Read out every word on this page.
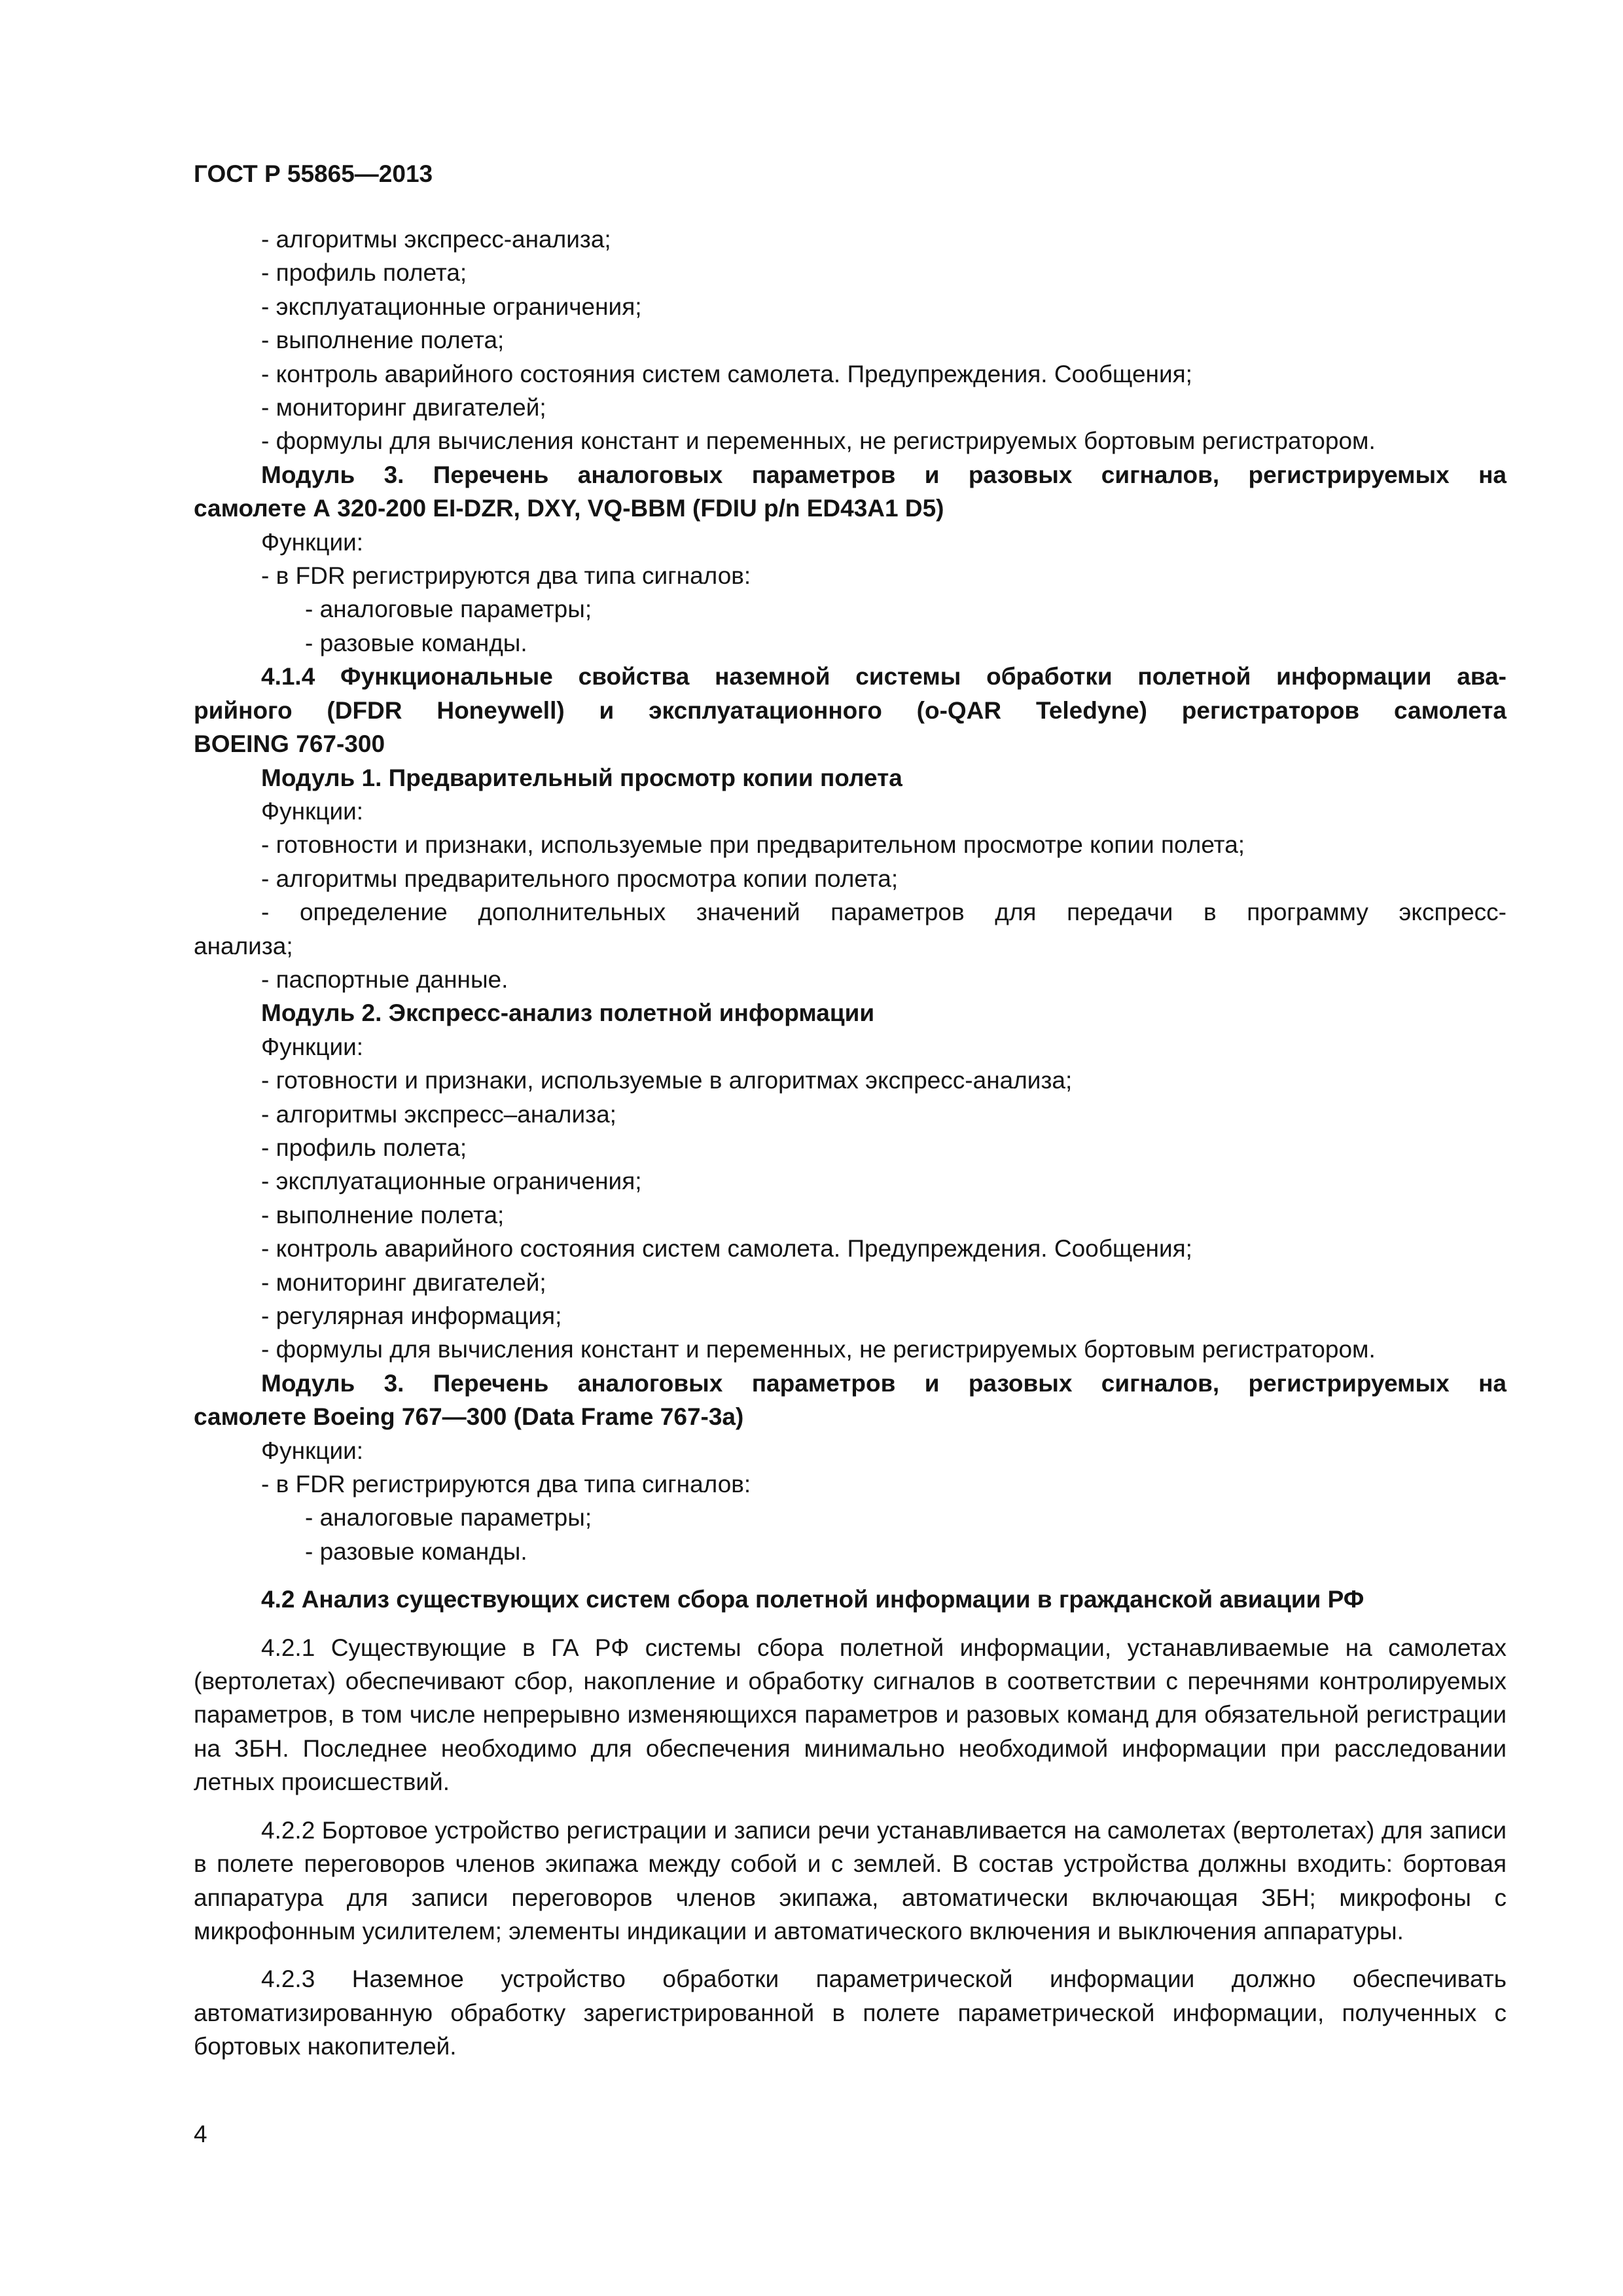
ГОСТ Р 55865—2013
- алгоритмы экспресс-анализа;
- профиль полета;
- эксплуатационные ограничения;
- выполнение полета;
- контроль аварийного состояния систем самолета. Предупреждения. Сообщения;
- мониторинг двигателей;
- формулы для вычисления констант и переменных, не регистрируемых бортовым регистратором.
Модуль 3. Перечень аналоговых параметров и разовых сигналов, регистрируемых на
самолете А 320-200 EI-DZR, DXY, VQ-BBM (FDIU p/n ED43A1 D5)
Функции:
- в FDR регистрируются два типа сигналов:
- аналоговые параметры;
- разовые команды.
4.1.4 Функциональные свойства наземной системы обработки полетной информации ава-
рийного (DFDR Honeywell) и эксплуатационного (o-QAR Teledyne) регистраторов самолета
BOEING 767-300
Модуль 1. Предварительный просмотр копии полета
Функции:
- готовности и признаки, используемые при предварительном просмотре копии полета;
- алгоритмы предварительного просмотра копии полета;
- определение дополнительных значений параметров для передачи в программу экспресс-
анализа;
- паспортные данные.
Модуль 2. Экспресс-анализ полетной информации
Функции:
- готовности и признаки, используемые в алгоритмах экспресс-анализа;
- алгоритмы экспресс–анализа;
- профиль полета;
- эксплуатационные ограничения;
- выполнение полета;
- контроль аварийного состояния систем самолета. Предупреждения. Сообщения;
- мониторинг двигателей;
- регулярная информация;
- формулы для вычисления констант и переменных, не регистрируемых бортовым регистратором.
Модуль 3. Перечень аналоговых параметров и разовых сигналов, регистрируемых на
самолете Boeing 767—300 (Data Frame 767-3a)
Функции:
- в FDR регистрируются два типа сигналов:
- аналоговые параметры;
- разовые команды.
4.2 Анализ существующих систем сбора полетной информации в гражданской авиации РФ
4.2.1 Существующие в ГА РФ системы сбора полетной информации, устанавливаемые на самолетах (вертолетах) обеспечивают сбор, накопление и обработку сигналов в соответствии с перечнями контролируемых параметров, в том числе непрерывно изменяющихся параметров и разовых команд для обязательной регистрации на ЗБН. Последнее необходимо для обеспечения минимально необходимой информации при расследовании летных происшествий.
4.2.2 Бортовое устройство регистрации и записи речи устанавливается на самолетах (вертолетах) для записи в полете переговоров членов экипажа между собой и с землей. В состав устройства должны входить: бортовая аппаратура для записи переговоров членов экипажа, автоматически включающая ЗБН; микрофоны с микрофонным усилителем; элементы индикации и автоматического включения и выключения аппаратуры.
4.2.3 Наземное устройство обработки параметрической информации должно обеспечивать автоматизированную обработку зарегистрированной в полете параметрической информации, полученных с бортовых накопителей.
4
